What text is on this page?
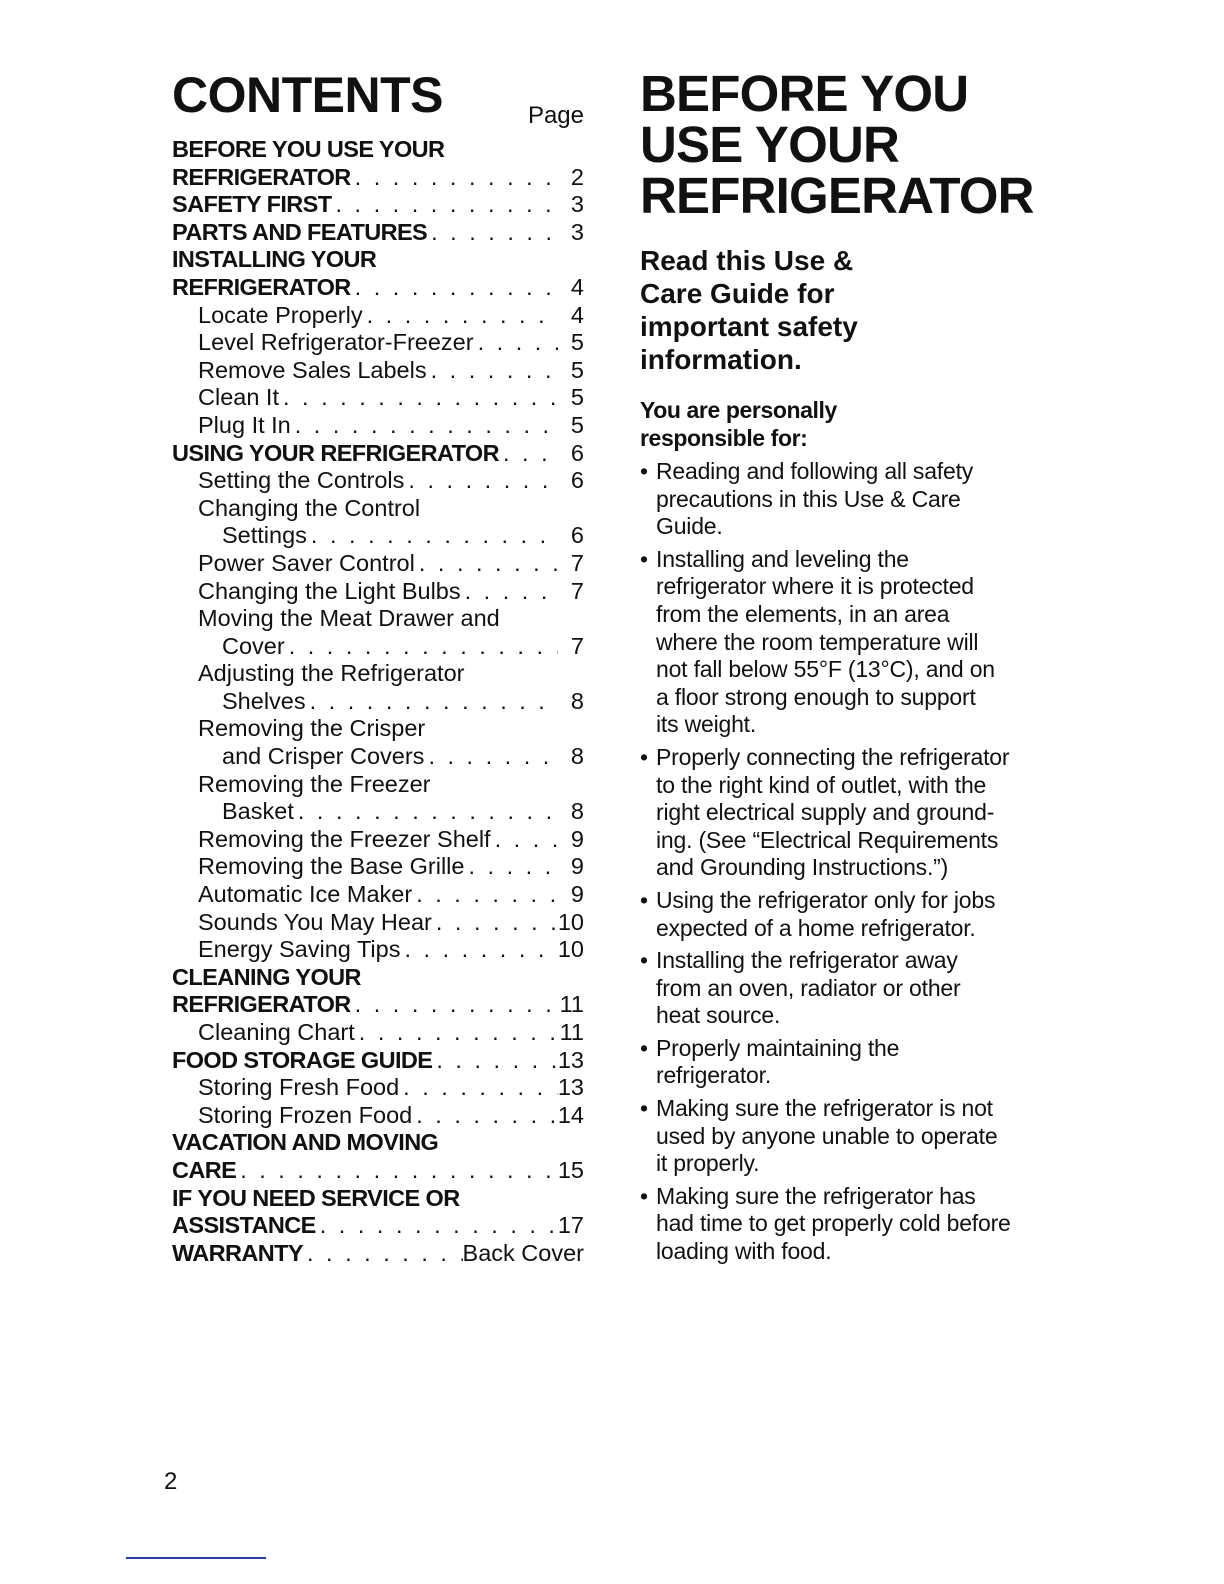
CONTENTS	Page
BEFORE YOU USE YOUR
REFRIGERATOR . . .	2
SAFETY FIRST . . .	3
PARTS AND FEATURES . . .	3
INSTALLING YOUR
REFRIGERATOR . . .	4
Locate Properly . . .	4
Level Refrigerator-Freezer . . .	5
Remove Sales Labels . . .	5
Clean It . . .	5
Plug It In . . .	5
USING YOUR REFRIGERATOR . . .	6
Setting the Controls . . .	6
Changing the Control
Settings . . .	6
Power Saver Control . . .	7
Changing the Light Bulbs . . .	7
Moving the Meat Drawer and
Cover . . .	7
Adjusting the Refrigerator
Shelves . . .	8
Removing the Crisper
and Crisper Covers . . .	8
Removing the Freezer
Basket . . .	8
Removing the Freezer Shelf . . .	9
Removing the Base Grille . . .	9
Automatic Ice Maker . . .	9
Sounds You May Hear . . .	10
Energy Saving Tips . . .	10
CLEANING YOUR
REFRIGERATOR . . .	11
Cleaning Chart . . .	11
FOOD STORAGE GUIDE . . .	13
Storing Fresh Food . . .	13
Storing Frozen Food . . .	14
VACATION AND MOVING
CARE . . .	15
IF YOU NEED SERVICE OR
ASSISTANCE . . .	17
WARRANTY . . .	Back Cover
BEFORE YOU
USE YOUR
REFRIGERATOR
Read this Use &
Care Guide for
important safety
information.
You are personally
responsible for:
• Reading and following all safety
precautions in this Use & Care
Guide.
• Installing and leveling the
refrigerator where it is protected
from the elements, in an area
where the room temperature will
not fall below 55°F (13°C), and on
a floor strong enough to support
its weight.
• Properly connecting the refrigerator
to the right kind of outlet, with the
right electrical supply and ground-
ing. (See “Electrical Requirements
and Grounding Instructions.”)
• Using the refrigerator only for jobs
expected of a home refrigerator.
• Installing the refrigerator away
from an oven, radiator or other
heat source.
• Properly maintaining the
refrigerator.
• Making sure the refrigerator is not
used by anyone unable to operate
it properly.
• Making sure the refrigerator has
had time to get properly cold before
loading with food.
2
